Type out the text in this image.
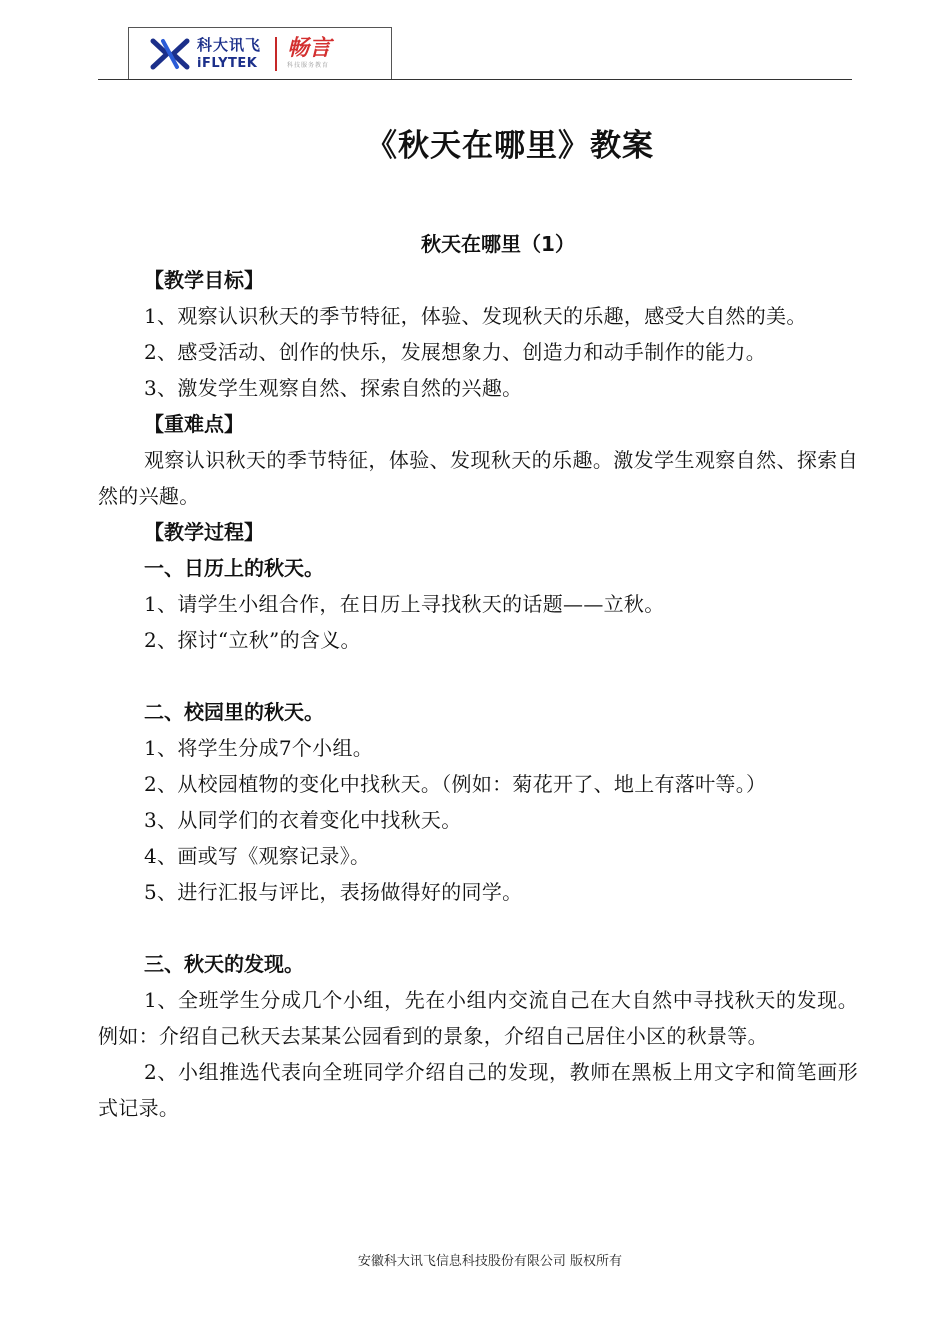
科大讯飞
iFLYTEK
畅言
科技服务教育
《秋天在哪里》教案
秋天在哪里（1）

【教学目标】

1、观察认识秋天的季节特征，体验、发现秋天的乐趣，感受大自然的美。

2、感受活动、创作的快乐，发展想象力、创造力和动手制作的能力。

3、激发学生观察自然、探索自然的兴趣。

【重难点】

观察认识秋天的季节特征，体验、发现秋天的乐趣。激发学生观察自然、探索自然的兴趣。

【教学过程】

一、日历上的秋天。

1、请学生小组合作，在日历上寻找秋天的话题——立秋。

2、探讨“立秋”的含义。

二、校园里的秋天。

1、将学生分成7个小组。

2、从校园植物的变化中找秋天。（例如：菊花开了、地上有落叶等。）

3、从同学们的衣着变化中找秋天。

4、画或写《观察记录》。

5、进行汇报与评比，表扬做得好的同学。

三、秋天的发现。

1、全班学生分成几个小组，先在小组内交流自己在大自然中寻找秋天的发现。例如：介绍自己秋天去某某公园看到的景象，介绍自己居住小区的秋景等。

2、小组推选代表向全班同学介绍自己的发现，教师在黑板上用文字和简笔画形式记录。

安徽科大讯飞信息科技股份有限公司 版权所有
